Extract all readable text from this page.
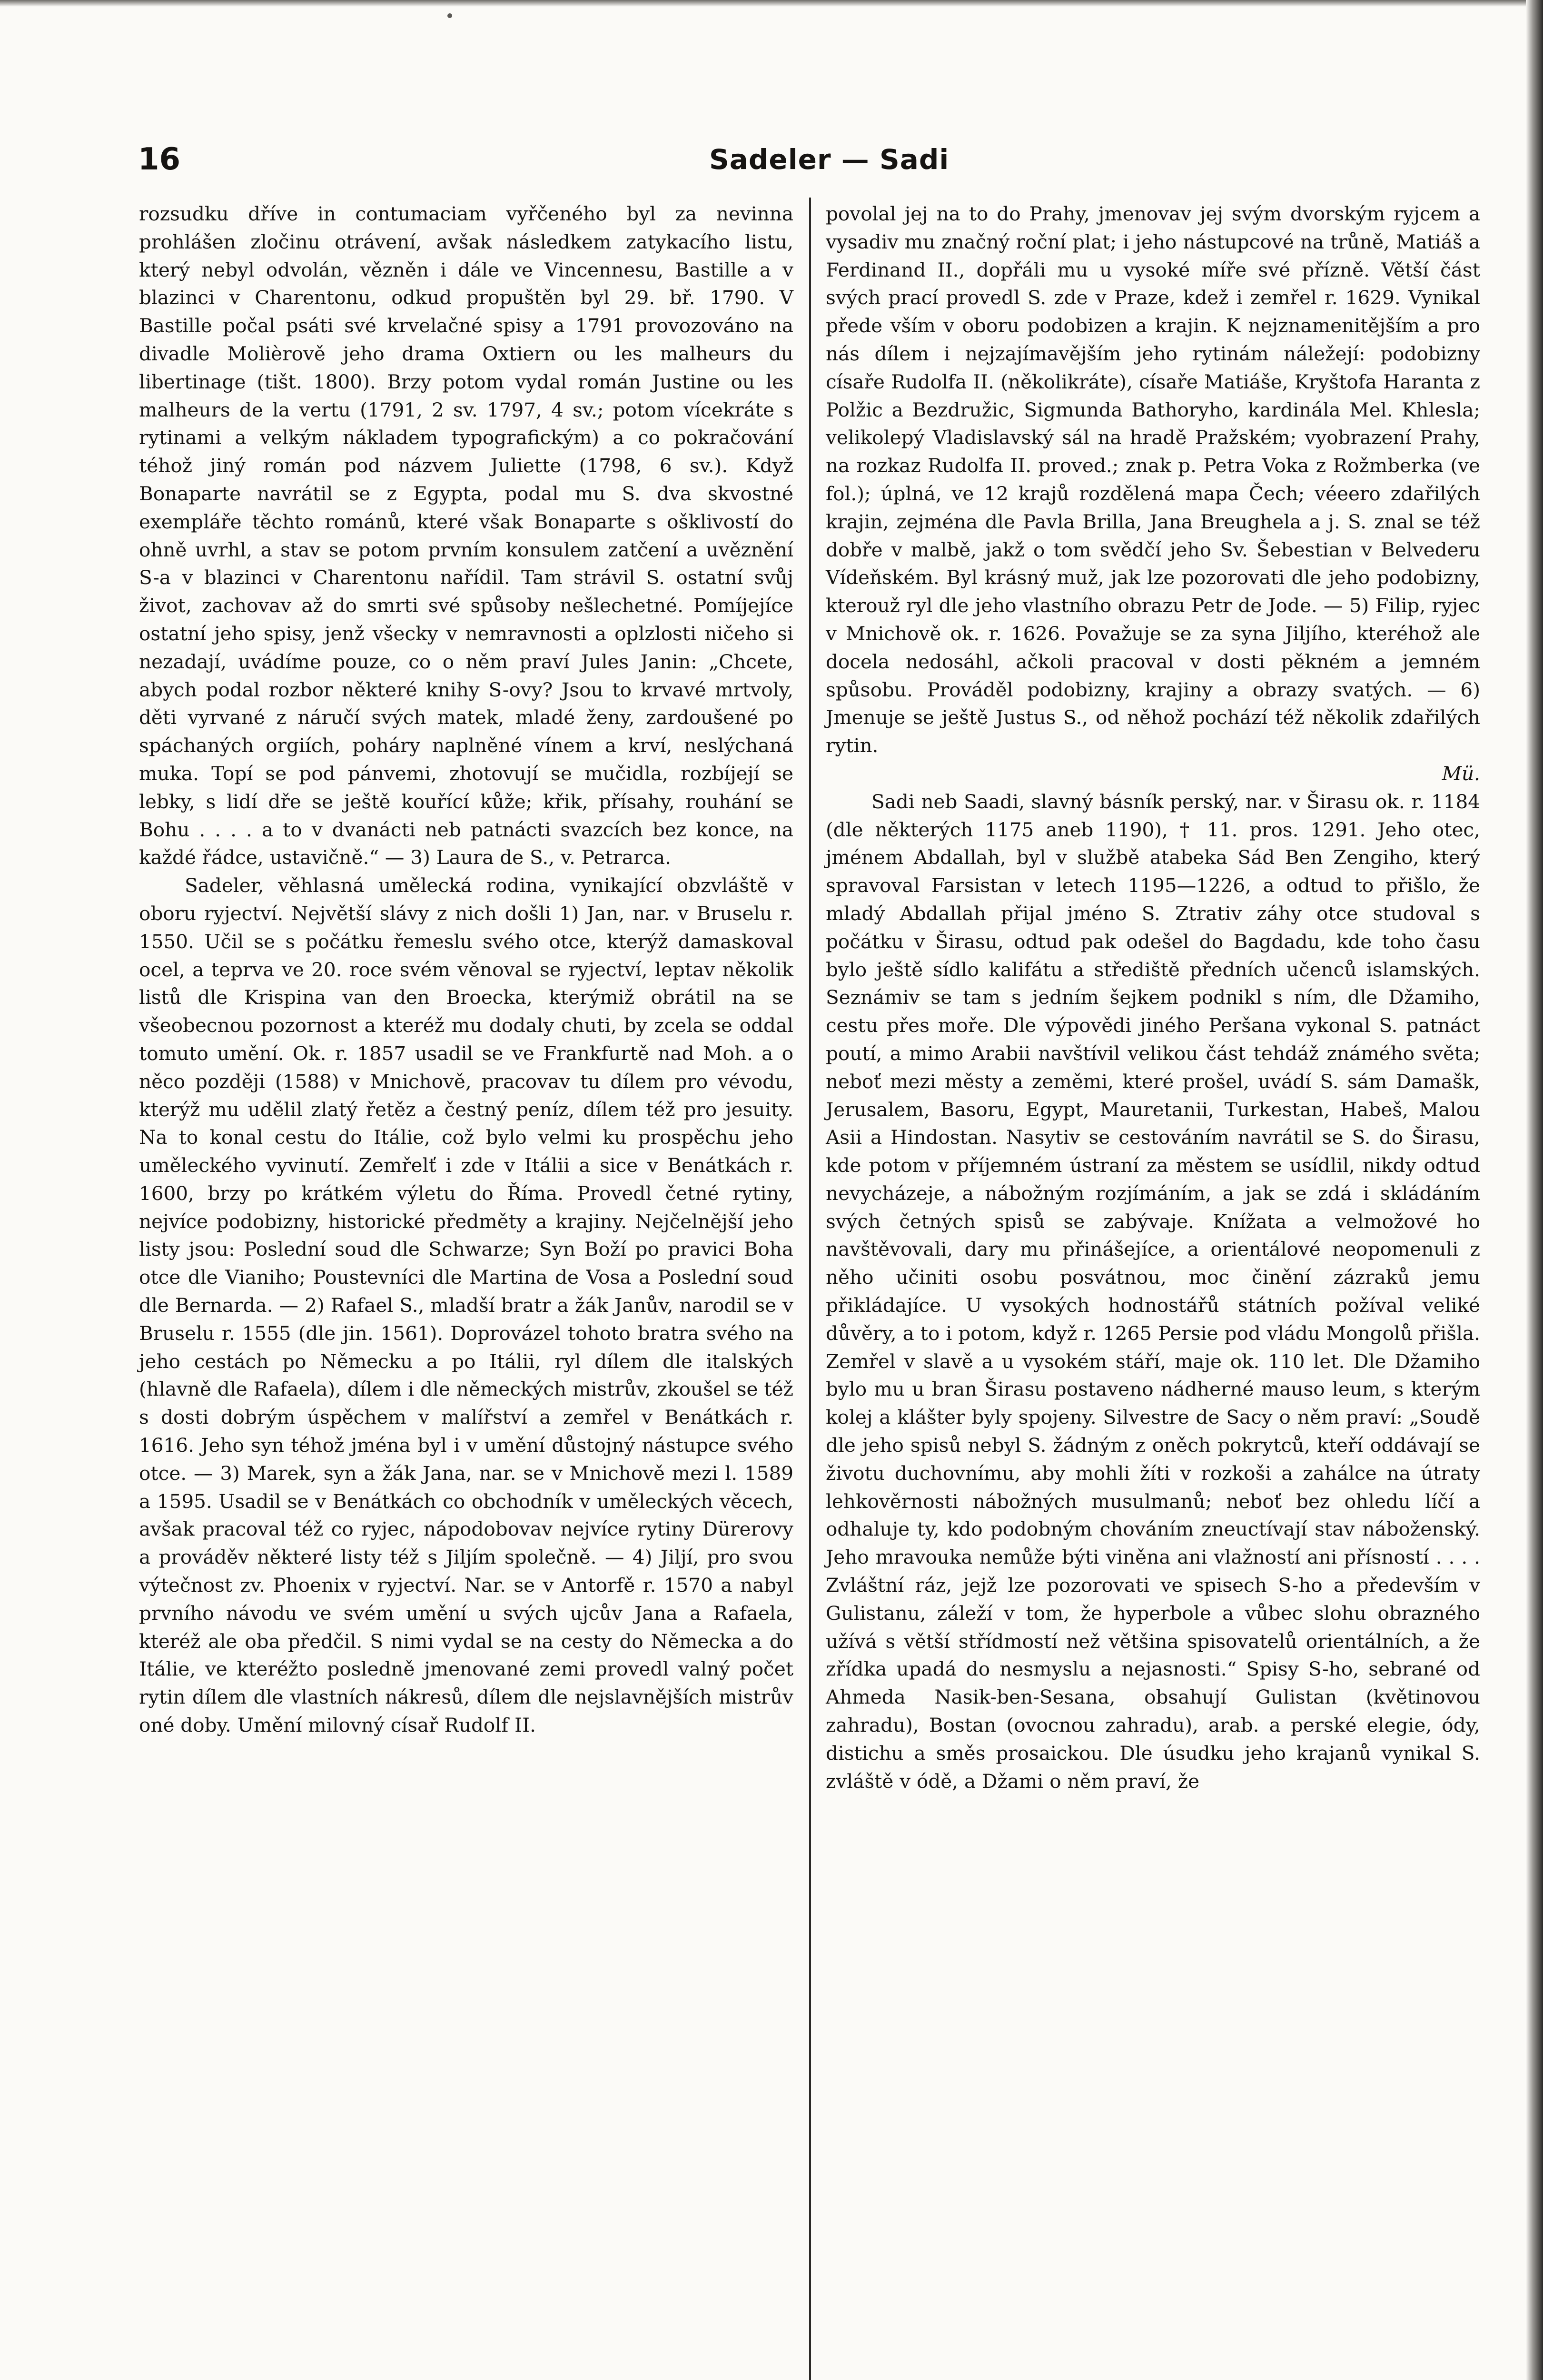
16	Sadeler — Sadi

rozsudku dříve in contumaciam vyřčeného byl za nevinna prohlášen zločinu otrávení, avšak následkem zatykacího listu, který nebyl odvolán, vězněn i dále ve Vincennesu, Bastille a v blazinci v Charentonu, odkud propuštěn byl 29. bř. 1790. V Bastille počal psáti své krvelačné spisy a 1791 provozováno na divadle Molièrově jeho drama Oxtiern ou les malheurs du libertinage (tišt. 1800). Brzy potom vydal román Justine ou les malheurs de la vertu (1791, 2 sv. 1797, 4 sv.; potom vícekráte s rytinami a velkým nákladem typografickým) a co pokračování téhož jiný román pod názvem Juliette (1798, 6 sv.). Když Bonaparte navrátil se z Egypta, podal mu S. dva skvostné exempláře těchto románů, které však Bonaparte s ošklivostí do ohně uvrhl, a stav se potom prvním konsulem zatčení a uvěznění S-a v blazinci v Charentonu nařídil. Tam strávil S. ostatní svůj život, zachovav až do smrti své spůsoby nešlechetné. Pomíjejíce ostatní jeho spisy, jenž všecky v nemravnosti a oplzlosti ničeho si nezadají, uvádíme pouze, co o něm praví Jules Janin: „Chcete, abych podal rozbor některé knihy S-ovy? Jsou to krvavé mrtvoly, děti vyrvané z náručí svých matek, mladé ženy, zardoušené po spáchaných orgiích, poháry naplněné vínem a krví, neslýchaná muka. Topí se pod pánvemi, zhotovují se mučidla, rozbíjejí se lebky, s lidí dře se ještě kouřící kůže; křik, přísahy, rouhání se Bohu . . . . a to v dvanácti neb patnácti svazcích bez konce, na každé řádce, ustavičně.“ — 3) Laura de S., v. Petrarca.

Sadeler, věhlasná umělecká rodina, vynikající obzvláště v oboru ryjectví. Největší slávy z nich došli 1) Jan, nar. v Bruselu r. 1550. Učil se s počátku řemeslu svého otce, kterýž damaskoval ocel, a teprva ve 20. roce svém věnoval se ryjectví, leptav několik listů dle Krispina van den Broecka, kterýmiž obrátil na se všeobecnou pozornost a kteréž mu dodaly chuti, by zcela se oddal tomuto umění. Ok. r. 1857 usadil se ve Frankfurtě nad Moh. a o něco později (1588) v Mnichově, pracovav tu dílem pro vévodu, kterýž mu udělil zlatý řetěz a čestný peníz, dílem též pro jesuity. Na to konal cestu do Itálie, což bylo velmi ku prospěchu jeho uměleckého vyvinutí. Zemřelť i zde v Itálii a sice v Benátkách r. 1600, brzy po krátkém výletu do Říma. Provedl četné rytiny, nejvíce podobizny, historické předměty a krajiny. Nejčelnější jeho listy jsou: Poslední soud dle Schwarze; Syn Boží po pravici Boha otce dle Vianiho; Poustevníci dle Martina de Vosa a Poslední soud dle Bernarda. — 2) Rafael S., mladší bratr a žák Janův, narodil se v Bruselu r. 1555 (dle jin. 1561). Doprovázel tohoto bratra svého na jeho cestách po Německu a po Itálii, ryl dílem dle italských (hlavně dle Rafaela), dílem i dle německých mistrův, zkoušel se též s dosti dobrým úspěchem v malířství a zemřel v Benátkách r. 1616. Jeho syn téhož jména byl i v umění důstojný nástupce svého otce. — 3) Marek, syn a žák Jana, nar. se v Mnichově mezi l. 1589 a 1595. Usadil se v Benátkách co obchodník v uměleckých věcech, avšak pracoval též co ryjec, nápodobovav nejvíce rytiny Dürerovy a prováděv některé listy též s Jiljím společně. — 4) Jiljí, pro svou výtečnost zv. Phoenix v ryjectví. Nar. se v Antorfě r. 1570 a nabyl prvního návodu ve svém umění u svých ujcův Jana a Rafaela, kteréž ale oba předčil. S nimi vydal se na cesty do Německa a do Itálie, ve kteréžto posledně jmenované zemi provedl valný počet rytin dílem dle vlastních nákresů, dílem dle nejslavnějších mistrův oné doby. Umění milovný císař Rudolf II.

povolal jej na to do Prahy, jmenovav jej svým dvorským ryjcem a vysadiv mu značný roční plat; i jeho nástupcové na trůně, Matiáš a Ferdinand II., dopřáli mu u vysoké míře své přízně. Větší část svých prací provedl S. zde v Praze, kdež i zemřel r. 1629. Vynikal přede vším v oboru podobizen a krajin. K nejznamenitějším a pro nás dílem i nejzajímavějším jeho rytinám náležejí: podobizny císaře Rudolfa II. (několikráte), císaře Matiáše, Kryštofa Haranta z Polžic a Bezdružic, Sigmunda Bathoryho, kardinála Mel. Khlesla; velikolepý Vladislavský sál na hradě Pražském; vyobrazení Prahy, na rozkaz Rudolfa II. proved.; znak p. Petra Voka z Rožmberka (ve fol.); úplná, ve 12 krajů rozdělená mapa Čech; véeero zdařilých krajin, zejména dle Pavla Brilla, Jana Breughela a j. S. znal se též dobře v malbě, jakž o tom svědčí jeho Sv. Šebestian v Belvederu Vídeňském. Byl krásný muž, jak lze pozorovati dle jeho podobizny, kterouž ryl dle jeho vlastního obrazu Petr de Jode. — 5) Filip, ryjec v Mnichově ok. r. 1626. Považuje se za syna Jiljího, kteréhož ale docela nedosáhl, ačkoli pracoval v dosti pěkném a jemném spůsobu. Prováděl podobizny, krajiny a obrazy svatých. — 6) Jmenuje se ještě Justus S., od něhož pochází též několik zdařilých rytin.

Mü.

Sadi neb Saadi, slavný básník perský, nar. v Širasu ok. r. 1184 (dle některých 1175 aneb 1190), † 11. pros. 1291. Jeho otec, jménem Abdallah, byl v službě atabeka Sád Ben Zengiho, který spravoval Farsistan v letech 1195—1226, a odtud to přišlo, že mladý Abdallah přijal jméno S. Ztrativ záhy otce studoval s počátku v Širasu, odtud pak odešel do Bagdadu, kde toho času bylo ještě sídlo kalifátu a střediště předních učenců islamských. Seznámiv se tam s jedním šejkem podnikl s ním, dle Džamiho, cestu přes moře. Dle výpovědi jiného Peršana vykonal S. patnáct poutí, a mimo Arabii navštívil velikou část tehdáž známého světa; neboť mezi městy a zeměmi, které prošel, uvádí S. sám Damašk, Jerusalem, Basoru, Egypt, Mauretanii, Turkestan, Habeš, Malou Asii a Hindostan. Nasytiv se cestováním navrátil se S. do Širasu, kde potom v příjemném ústraní za městem se usídlil, nikdy odtud nevycházeje, a nábožným rozjímáním, a jak se zdá i skládáním svých četných spisů se zabývaje. Knížata a velmožové ho navštěvovali, dary mu přinášejíce, a orientálové neopomenuli z něho učiniti osobu posvátnou, moc činění zázraků jemu přikládajíce. U vysokých hodnostářů státních požíval veliké důvěry, a to i potom, když r. 1265 Persie pod vládu Mongolů přišla. Zemřel v slavě a u vysokém stáří, maje ok. 110 let. Dle Džamiho bylo mu u bran Širasu postaveno nádherné mauso leum, s kterým kolej a klášter byly spojeny. Silvestre de Sacy o něm praví: „Soudě dle jeho spisů nebyl S. žádným z oněch pokrytců, kteří oddávají se životu duchovnímu, aby mohli žíti v rozkoši a zahálce na útraty lehkověrnosti nábožných musulmanů; neboť bez ohledu líčí a odhaluje ty, kdo podobným chováním zneuctívají stav náboženský. Jeho mravouka nemůže býti viněna ani vlažností ani přísností . . . . Zvláštní ráz, jejž lze pozorovati ve spisech S-ho a především v Gulistanu, záleží v tom, že hyperbole a vůbec slohu obrazného užívá s větší střídmostí než většina spisovatelů orientálních, a že zřídka upadá do nesmyslu a nejasnosti.“ Spisy S-ho, sebrané od Ahmeda Nasik-ben-Sesana, obsahují Gulistan (květinovou zahradu), Bostan (ovocnou zahradu), arab. a perské elegie, ódy, distichu a směs prosaickou. Dle úsudku jeho krajanů vynikal S. zvláště v ódě, a Džami o něm praví, že
